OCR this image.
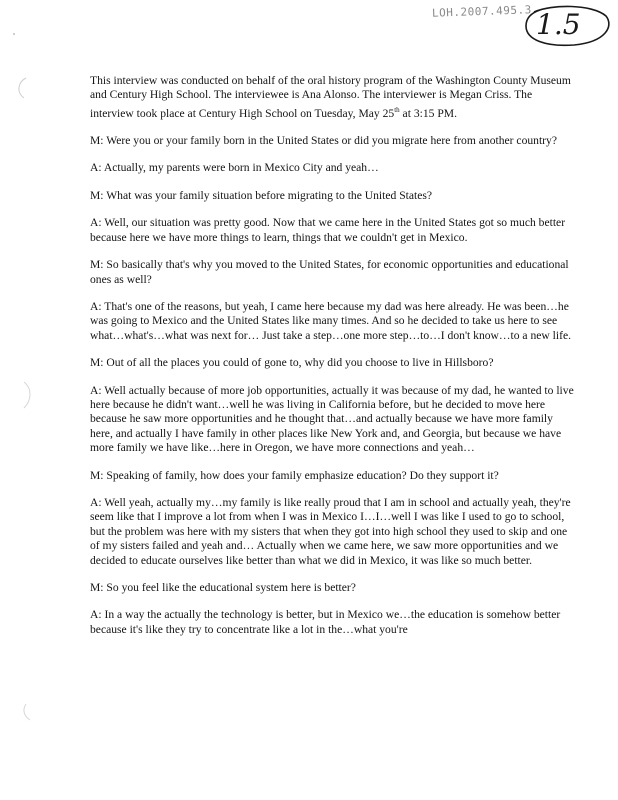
LOH.2007.495.3 1.5

This interview was conducted on behalf of the oral history program of the Washington County Museum and Century High School. The interviewee is Ana Alonso. The interviewer is Megan Criss. The interview took place at Century High School on Tuesday, May 25th at 3:15 PM.

M: Were you or your family born in the United States or did you migrate here from another country?

A: Actually, my parents were born in Mexico City and yeah…

M: What was your family situation before migrating to the United States?

A: Well, our situation was pretty good. Now that we came here in the United States got so much better because here we have more things to learn, things that we couldn't get in Mexico.

M: So basically that's why you moved to the United States, for economic opportunities and educational ones as well?

A: That's one of the reasons, but yeah, I came here because my dad was here already. He was been…he was going to Mexico and the United States like many times. And so he decided to take us here to see what…what's…what was next for… Just take a step…one more step…to…I don't know…to a new life.

M: Out of all the places you could of gone to, why did you choose to live in Hillsboro?

A: Well actually because of more job opportunities, actually it was because of my dad, he wanted to live here because he didn't want…well he was living in California before, but he decided to move here because he saw more opportunities and he thought that…and actually because we have more family here, and actually I have family in other places like New York and, and Georgia, but because we have more family we have like…here in Oregon, we have more connections and yeah…

M: Speaking of family, how does your family emphasize education? Do they support it?

A: Well yeah, actually my…my family is like really proud that I am in school and actually yeah, they're seem like that I improve a lot from when I was in Mexico I…I…well I was like I used to go to school, but the problem was here with my sisters that when they got into high school they used to skip and one of my sisters failed and yeah and… Actually when we came here, we saw more opportunities and we decided to educate ourselves like better than what we did in Mexico, it was like so much better.

M: So you feel like the educational system here is better?

A: In a way the actually the technology is better, but in Mexico we…the education is somehow better because it's like they try to concentrate like a lot in the…what you're
